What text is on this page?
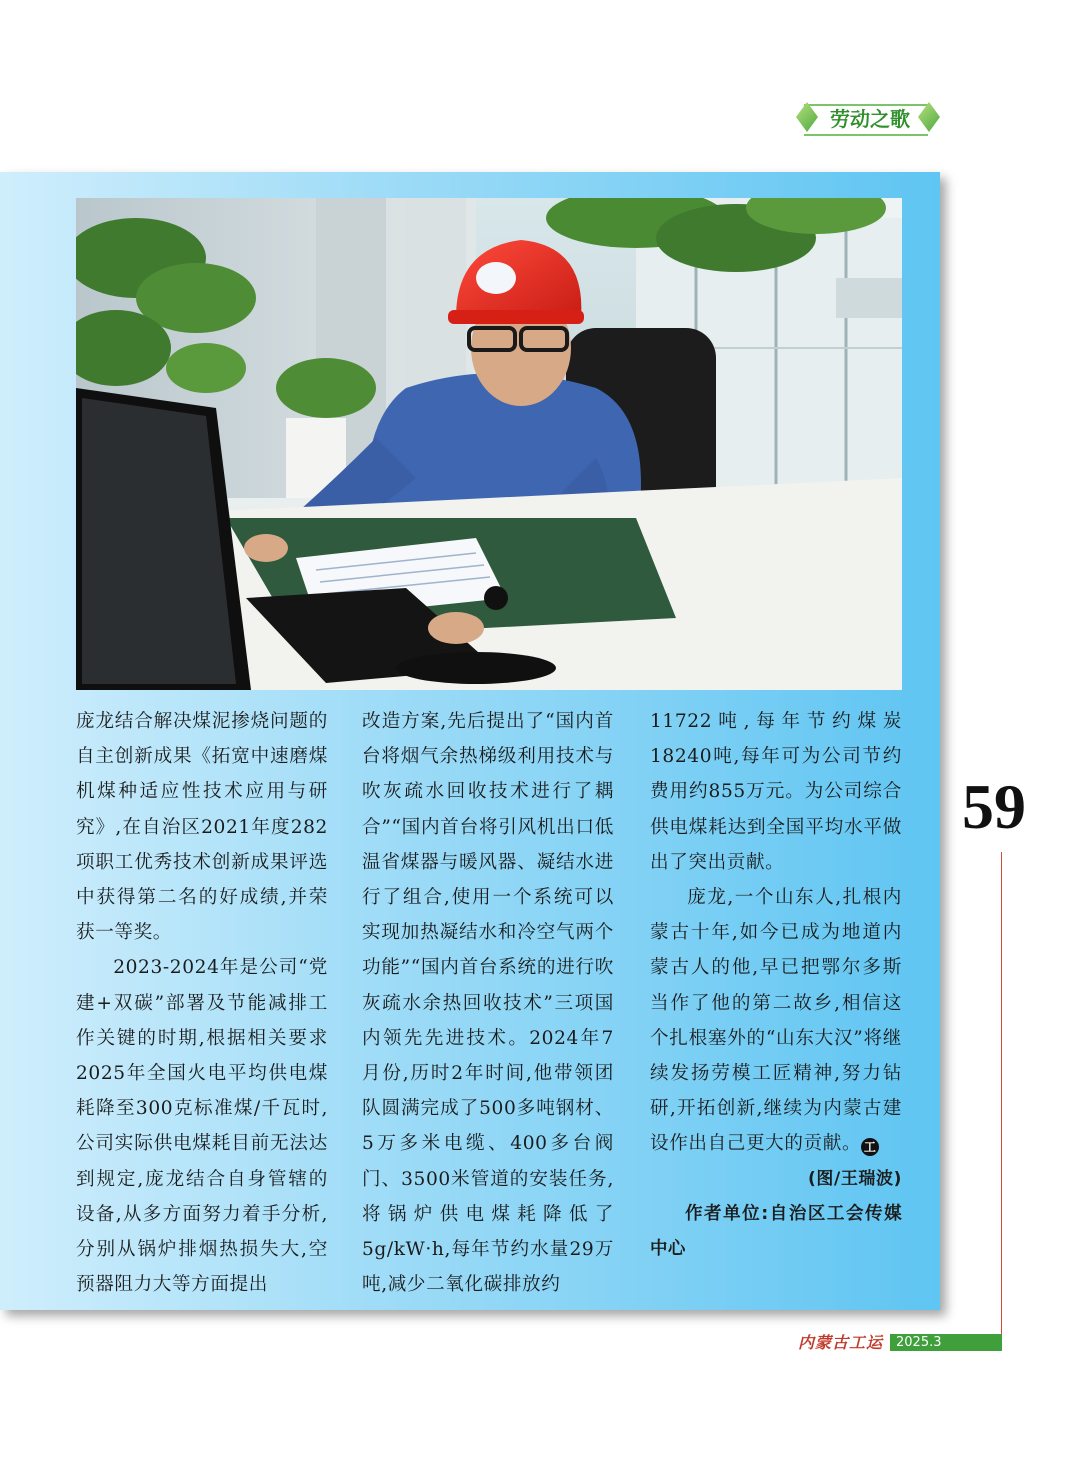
劳动之歌

庞龙结合解决煤泥掺烧问题的自主创新成果《拓宽中速磨煤机煤种适应性技术应用与研究》,在自治区2021年度282项职工优秀技术创新成果评选中获得第二名的好成绩,并荣获一等奖。

2023-2024年是公司“党建+双碳”部署及节能减排工作关键的时期,根据相关要求2025年全国火电平均供电煤耗降至300克标准煤/千瓦时,公司实际供电煤耗目前无法达到规定,庞龙结合自身管辖的设备,从多方面努力着手分析,分别从锅炉排烟热损失大,空预器阻力大等方面提出

改造方案,先后提出了“国内首台将烟气余热梯级利用技术与吹灰疏水回收技术进行了耦合”“国内首台将引风机出口低温省煤器与暖风器、凝结水进行了组合,使用一个系统可以实现加热凝结水和冷空气两个功能”“国内首台系统的进行吹灰疏水余热回收技术”三项国内领先先进技术。2024年7月份,历时2年时间,他带领团队圆满完成了500多吨钢材、5万多米电缆、400多台阀门、3500米管道的安装任务,将锅炉供电煤耗降低了5g/kW·h,每年节约水量29万吨,减少二氧化碳排放约

11722吨,每年节约煤炭18240吨,每年可为公司节约费用约855万元。为公司综合供电煤耗达到全国平均水平做出了突出贡献。

庞龙,一个山东人,扎根内蒙古十年,如今已成为地道内蒙古人的他,早已把鄂尔多斯当作了他的第二故乡,相信这个扎根塞外的“山东大汉”将继续发扬劳模工匠精神,努力钻研,开拓创新,继续为内蒙古建设作出自己更大的贡献。 工

(图/王瑞波)

作者单位:自治区工会传媒中心

59
内蒙古工运 2025.3
